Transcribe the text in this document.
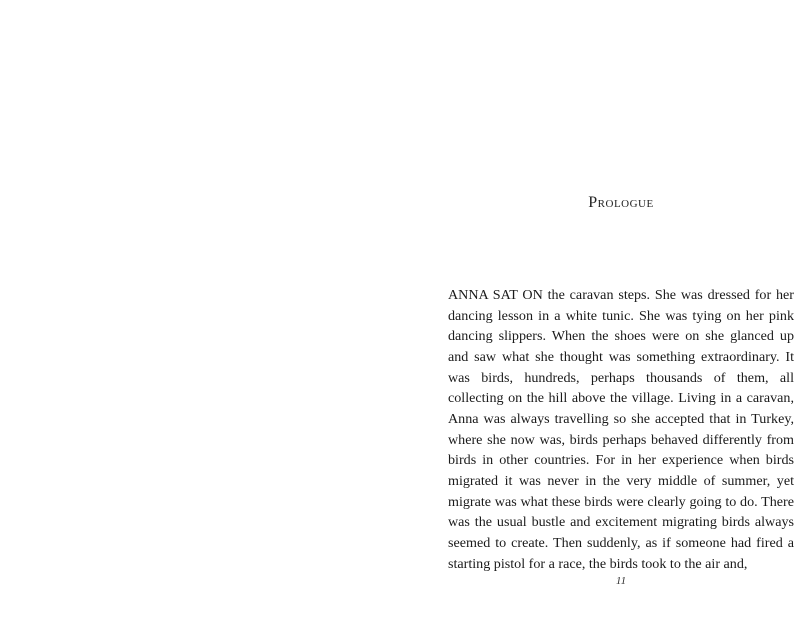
Prologue

ANNA SAT ON the caravan steps. She was dressed for her dancing lesson in a white tunic. She was tying on her pink dancing slippers. When the shoes were on she glanced up and saw what she thought was something extraordinary. It was birds, hundreds, perhaps thousands of them, all collecting on the hill above the village. Living in a caravan, Anna was always travelling so she accepted that in Turkey, where she now was, birds perhaps behaved differently from birds in other countries. For in her experience when birds migrated it was never in the very middle of summer, yet migrate was what these birds were clearly going to do. There was the usual bustle and excitement migrating birds always seemed to create. Then suddenly, as if someone had fired a starting pistol for a race, the birds took to the air and,

11
